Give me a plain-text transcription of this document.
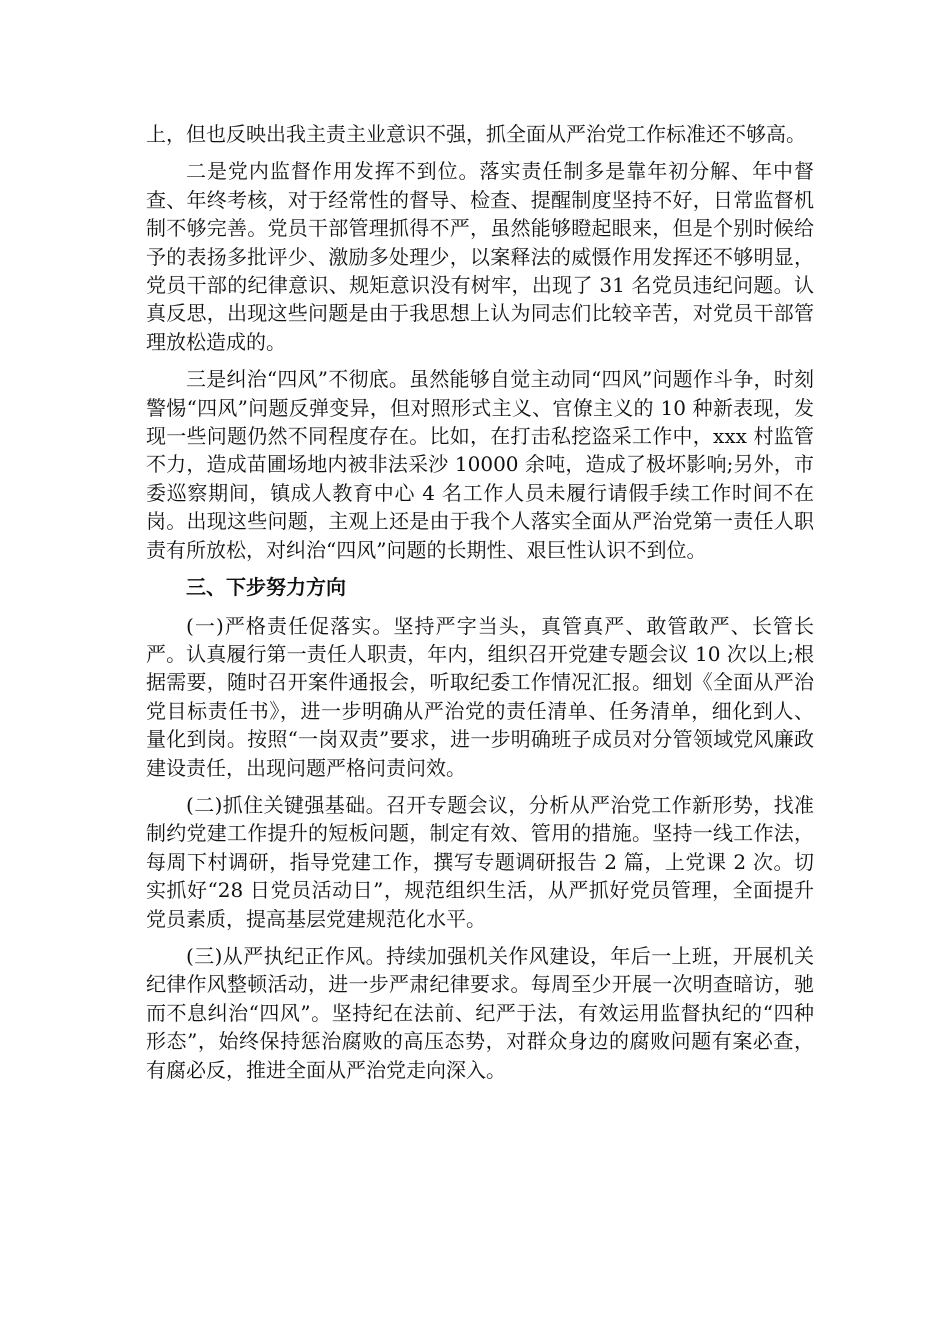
上，但也反映出我主责主业意识不强，抓全面从严治党工作标准还不够高。

二是党内监督作用发挥不到位。落实责任制多是靠年初分解、年中督查、年终考核，对于经常性的督导、检查、提醒制度坚持不好，日常监督机制不够完善。党员干部管理抓得不严，虽然能够瞪起眼来，但是个别时候给予的表扬多批评少、激励多处理少，以案释法的威慑作用发挥还不够明显，党员干部的纪律意识、规矩意识没有树牢，出现了 31 名党员违纪问题。认真反思，出现这些问题是由于我思想上认为同志们比较辛苦，对党员干部管理放松造成的。

三是纠治“四风”不彻底。虽然能够自觉主动同“四风”问题作斗争，时刻警惕“四风”问题反弹变异，但对照形式主义、官僚主义的 10 种新表现，发现一些问题仍然不同程度存在。比如，在打击私挖盗采工作中，xxx 村监管不力，造成苗圃场地内被非法采沙 10000 余吨，造成了极坏影响;另外，市委巡察期间，镇成人教育中心 4 名工作人员未履行请假手续工作时间不在岗。出现这些问题，主观上还是由于我个人落实全面从严治党第一责任人职责有所放松，对纠治“四风”问题的长期性、艰巨性认识不到位。

三、下步努力方向

(一)严格责任促落实。坚持严字当头，真管真严、敢管敢严、长管长严。认真履行第一责任人职责，年内，组织召开党建专题会议 10 次以上;根据需要，随时召开案件通报会，听取纪委工作情况汇报。细划《全面从严治党目标责任书》，进一步明确从严治党的责任清单、任务清单，细化到人、量化到岗。按照“一岗双责”要求，进一步明确班子成员对分管领域党风廉政建设责任，出现问题严格问责问效。

(二)抓住关键强基础。召开专题会议，分析从严治党工作新形势，找准制约党建工作提升的短板问题，制定有效、管用的措施。坚持一线工作法，每周下村调研，指导党建工作，撰写专题调研报告 2 篇，上党课 2 次。切实抓好“28 日党员活动日”，规范组织生活，从严抓好党员管理，全面提升党员素质，提高基层党建规范化水平。

(三)从严执纪正作风。持续加强机关作风建设，年后一上班，开展机关纪律作风整顿活动，进一步严肃纪律要求。每周至少开展一次明查暗访，驰而不息纠治“四风”。坚持纪在法前、纪严于法，有效运用监督执纪的“四种形态”，始终保持惩治腐败的高压态势，对群众身边的腐败问题有案必查，有腐必反，推进全面从严治党走向深入。
